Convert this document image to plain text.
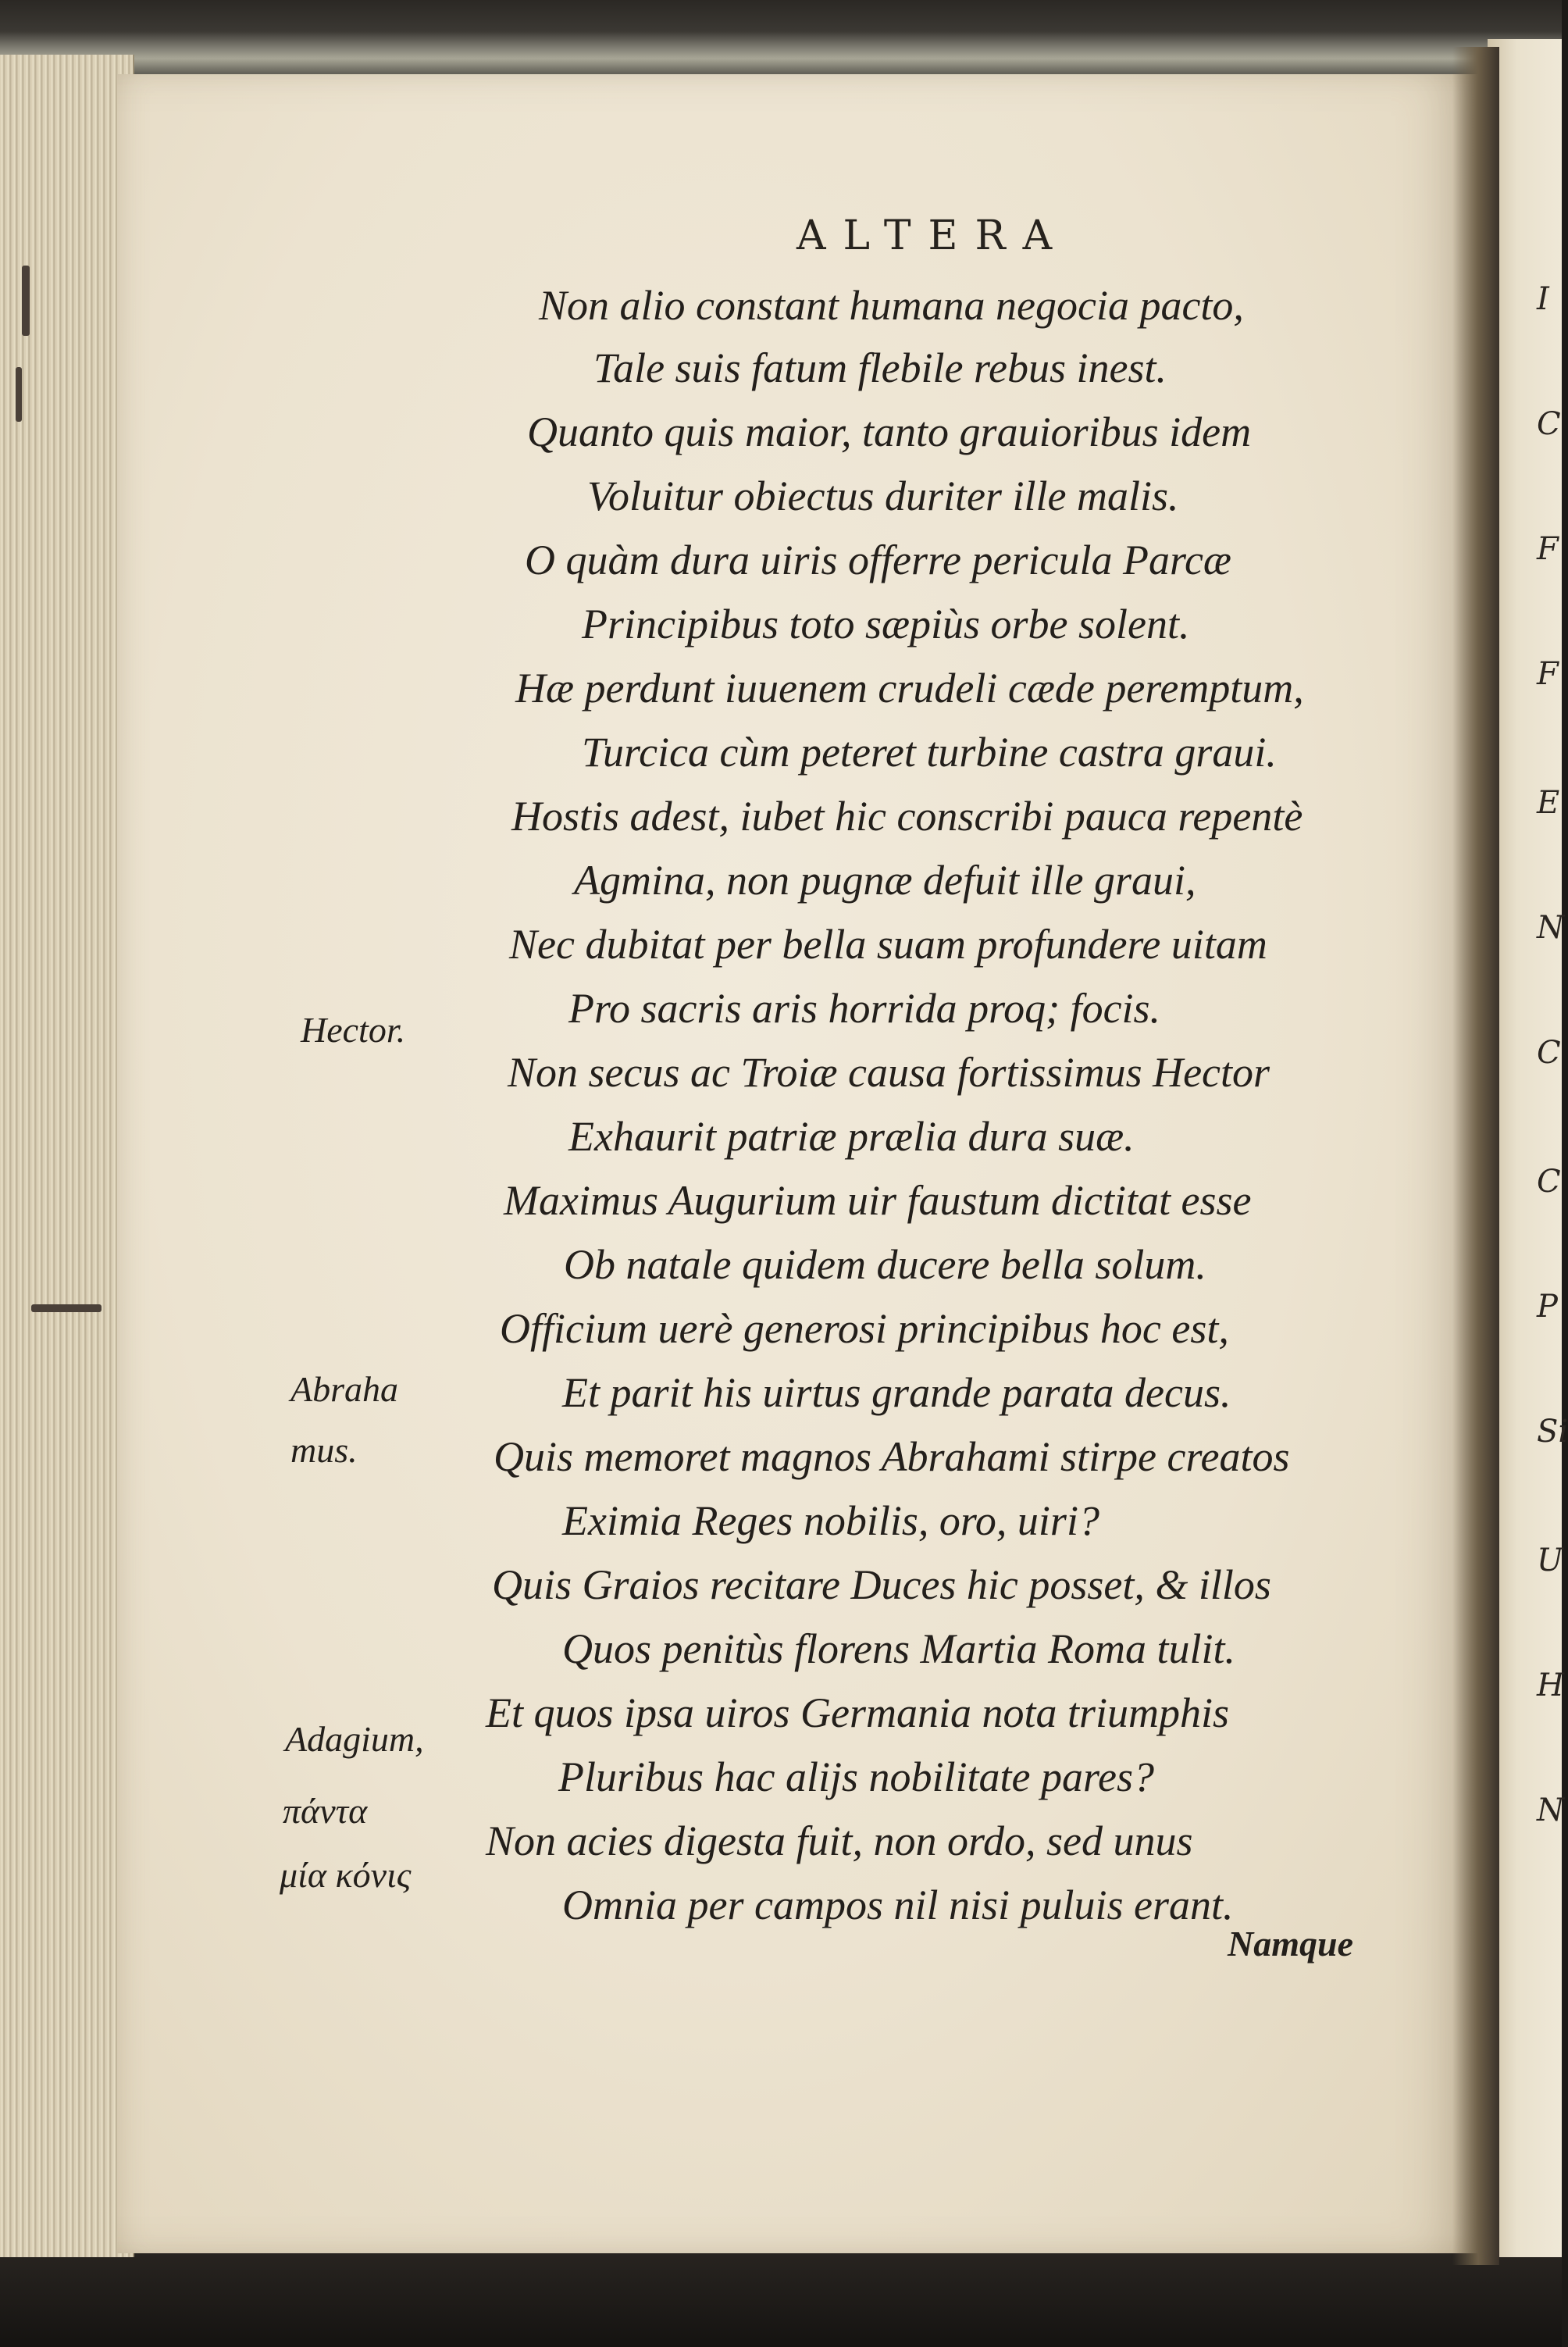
ALTERA
Non alio constant humana negocia pacto,
Tale suis fatum flebile rebus inest.
Quanto quis maior, tanto grauioribus idem
Voluitur obiectus duriter ille malis.
O quàm dura uiris offerre pericula Parcæ
Principibus toto sæpiùs orbe solent.
Hæ perdunt iuuenem crudeli cæde peremptum,
Turcica cùm peteret turbine castra graui.
Hostis adest, iubet hic conscribi pauca repentè
Agmina, non pugnæ defuit ille graui,
Nec dubitat per bella suam profundere uitam
Pro sacris aris horrida proq; focis.
Non secus ac Troiæ causa fortissimus Hector
Exhaurit patriæ prælia dura suæ.
Maximus Augurium uir faustum dictitat esse
Ob natale quidem ducere bella solum.
Officium uerè generosi principibus hoc est,
Et parit his uirtus grande parata decus.
Quis memoret magnos Abrahami stirpe creatos
Eximia Reges nobilis, oro, uiri?
Quis Graios recitare Duces hic posset, & illos
Quos penitùs florens Martia Roma tulit.
Et quos ipsa uiros Germania nota triumphis
Pluribus hac alijs nobilitate pares?
Non acies digesta fuit, non ordo, sed unus
Omnia per campos nil nisi puluis erant.
Hector.
Abraha
mus.
Adagium,
πάντα
μία κόνις
Namque
I
C
F
F
E
N
C
C
P
Si
U
H
N
